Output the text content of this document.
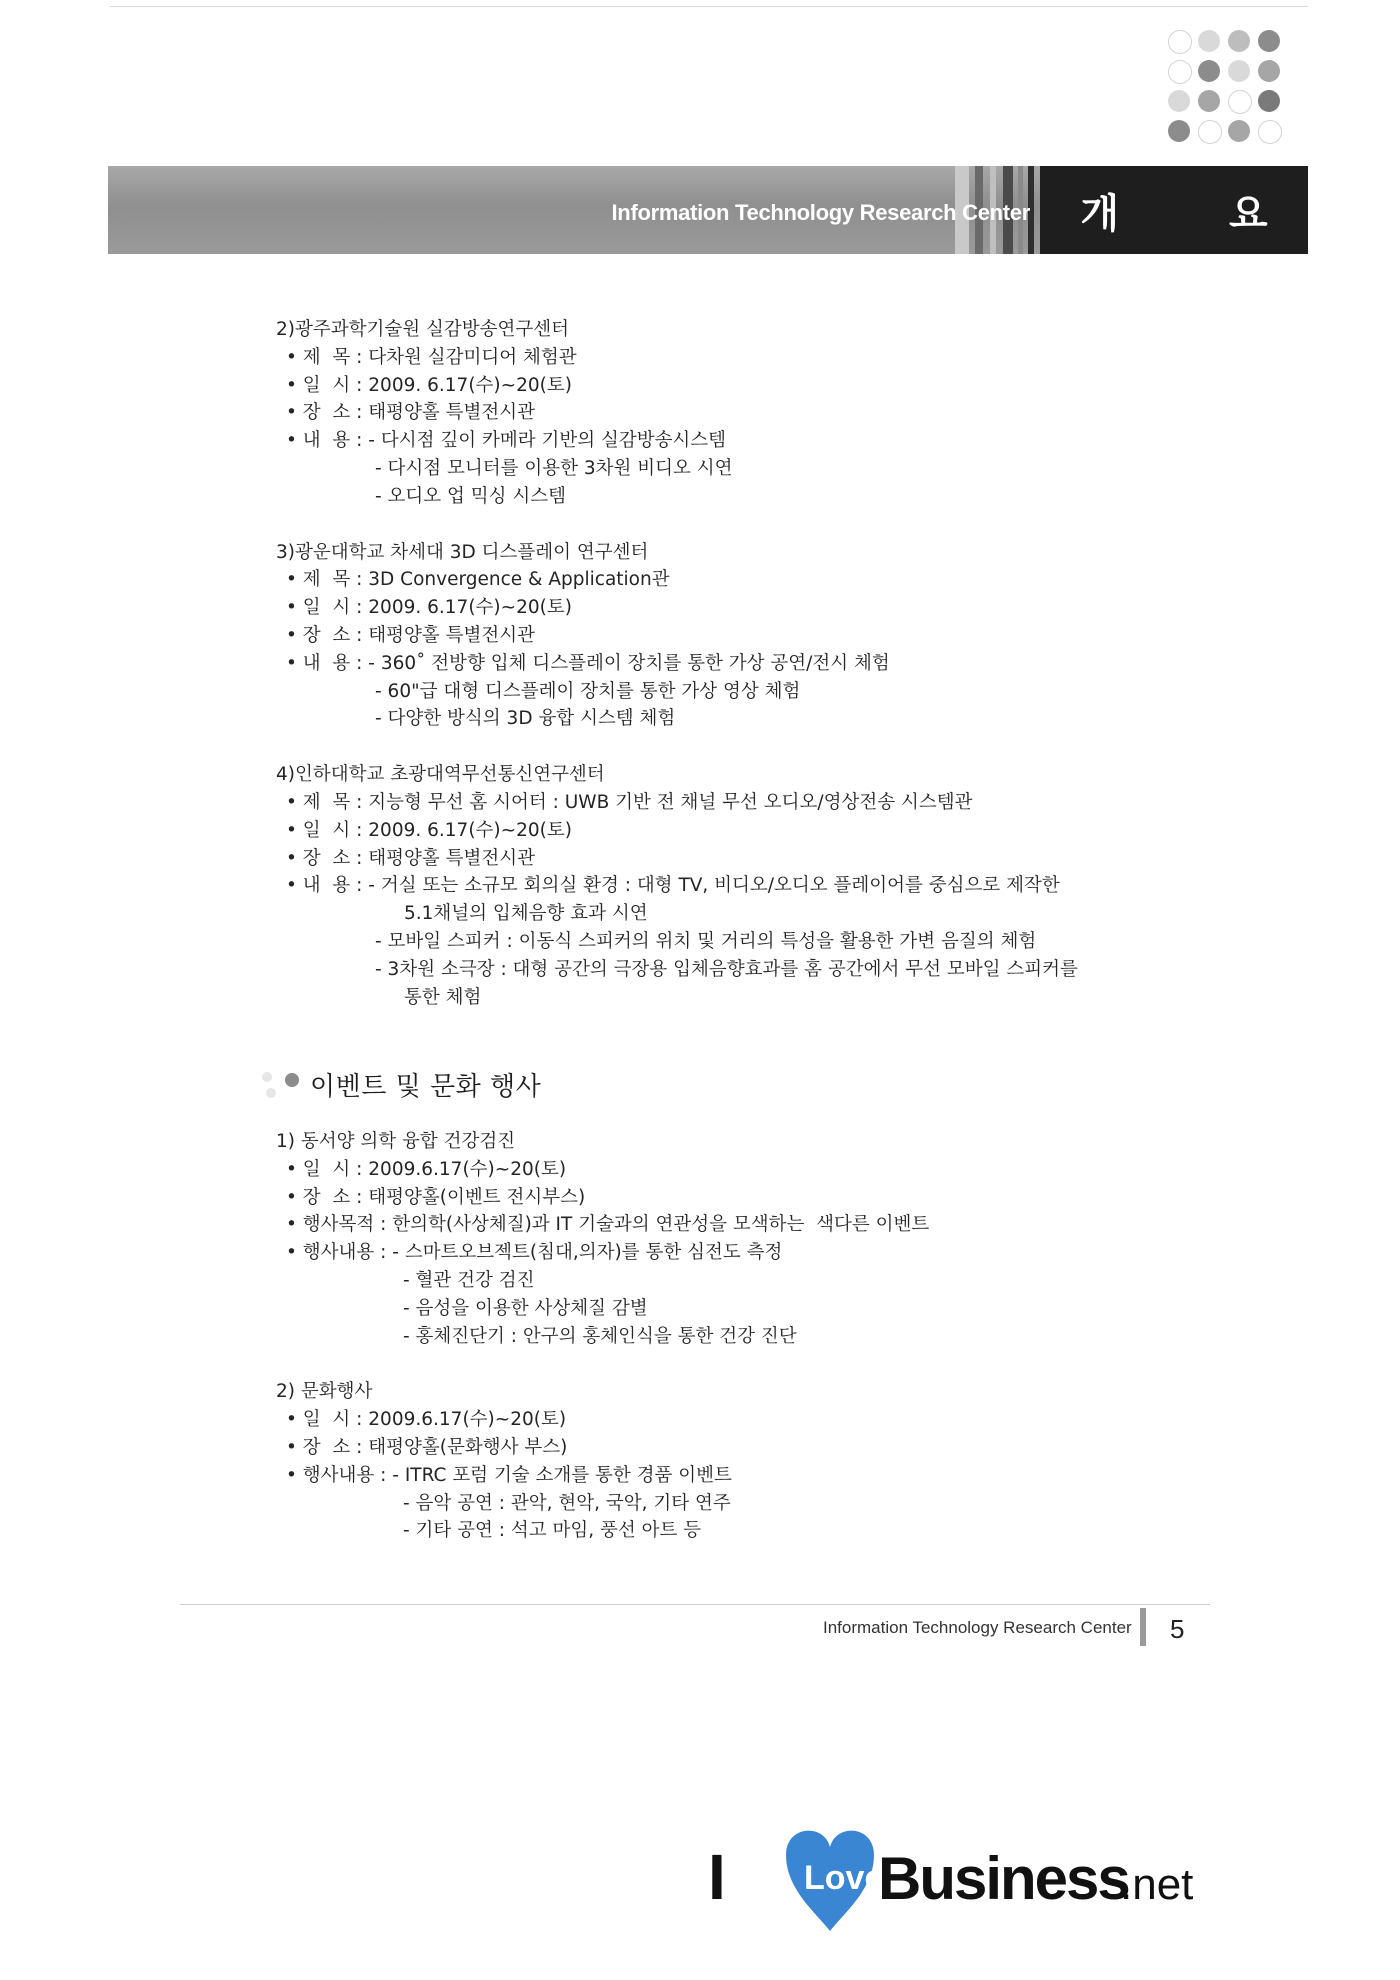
Information Technology Research Center 개 요
2)광주과학기술원 실감방송연구센터
• 제  목 : 다차원 실감미디어 체험관
• 일  시 : 2009. 6.17(수)~20(토)
• 장  소 : 태평양홀 특별전시관
• 내  용 : - 다시점 깊이 카메라 기반의 실감방송시스템
- 다시점 모니터를 이용한 3차원 비디오 시연
- 오디오 업 믹싱 시스템
3)광운대학교 차세대 3D 디스플레이 연구센터
• 제  목 : 3D Convergence & Application관
• 일  시 : 2009. 6.17(수)~20(토)
• 장  소 : 태평양홀 특별전시관
• 내  용 : - 360˚ 전방향 입체 디스플레이 장치를 통한 가상 공연/전시 체험
- 60"급 대형 디스플레이 장치를 통한 가상 영상 체험
- 다양한 방식의 3D 융합 시스템 체험
4)인하대학교 초광대역무선통신연구센터
• 제  목 : 지능형 무선 홈 시어터 : UWB 기반 전 채널 무선 오디오/영상전송 시스템관
• 일  시 : 2009. 6.17(수)~20(토)
• 장  소 : 태평양홀 특별전시관
• 내  용 : - 거실 또는 소규모 회의실 환경 : 대형 TV, 비디오/오디오 플레이어를 중심으로 제작한
5.1채널의 입체음향 효과 시연
- 모바일 스피커 : 이동식 스피커의 위치 및 거리의 특성을 활용한 가변 음질의 체험
- 3차원 소극장 : 대형 공간의 극장용 입체음향효과를 홈 공간에서 무선 모바일 스피커를
통한 체험
이벤트 및 문화 행사
1) 동서양 의학 융합 건강검진
• 일  시 : 2009.6.17(수)~20(토)
• 장  소 : 태평양홀(이벤트 전시부스)
• 행사목적 : 한의학(사상체질)과 IT 기술과의 연관성을 모색하는  색다른 이벤트
• 행사내용 : - 스마트오브젝트(침대,의자)를 통한 심전도 측정
- 혈관 건강 검진
- 음성을 이용한 사상체질 감별
- 홍체진단기 : 안구의 홍체인식을 통한 건강 진단
2) 문화행사
• 일  시 : 2009.6.17(수)~20(토)
• 장  소 : 태평양홀(문화행사 부스)
• 행사내용 : - ITRC 포럼 기술 소개를 통한 경품 이벤트
- 음악 공연 : 관악, 현악, 국악, 기타 연주
- 기타 공연 : 석고 마임, 풍선 아트 등
Information Technology Research Center 5
I Love
Business
.net
